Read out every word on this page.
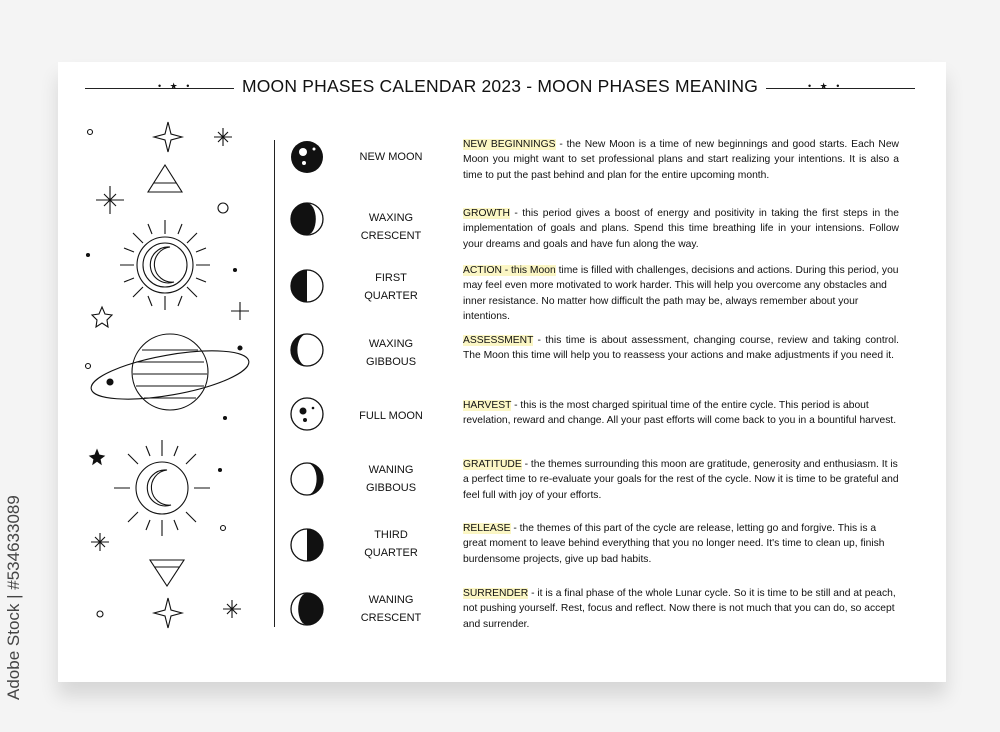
• ★ •	• ★ •
MOON PHASES CALENDAR 2023 - MOON PHASES MEANING
NEW MOON
NEW BEGINNINGS - the New Moon is a time of new beginnings and good starts. Each New Moon you might want to set professional plans and start realizing your intentions. It is also a time to put the past behind and plan for the entire upcoming month.
WAXING
CRESCENT
GROWTH - this period gives a boost of energy and positivity in taking the first steps in the implementation of goals and plans. Spend this time breathing life in your intensions. Follow your dreams and goals and have fun along the way.
FIRST
QUARTER
ACTION - this Moon time is filled with challenges, decisions and actions. During this period, you may feel even more motivated to work harder. This will help you overcome any obstacles and inner resistance. No matter how difficult the path may be, always remember about your intentions.
WAXING
GIBBOUS
ASSESSMENT - this time is about assessment, changing course, review and taking control. The Moon this time will help you to reassess your actions and make adjustments if you need it.
FULL MOON
HARVEST - this is the most charged spiritual time of the entire cycle. This period is about revelation, reward and change. All your past efforts will come back to you in a bountiful harvest.
WANING
GIBBOUS
GRATITUDE - the themes surrounding this moon are gratitude, generosity and enthusiasm. It is a perfect time to re-evaluate your goals for the rest of the cycle. Now it is time to be grateful and feel full with joy of your efforts.
THIRD
QUARTER
RELEASE - the themes of this part of the cycle are release, letting go and forgive. This is a great moment to leave behind everything that you no longer need. It's time to clean up, finish burdensome projects, give up bad habits.
WANING
CRESCENT
SURRENDER - it is a final phase of the whole Lunar cycle. So it is time to be still and at peach, not pushing yourself. Rest, focus and reflect. Now there is not much that you can do, so accept and surrender.
Adobe Stock | #534633089
